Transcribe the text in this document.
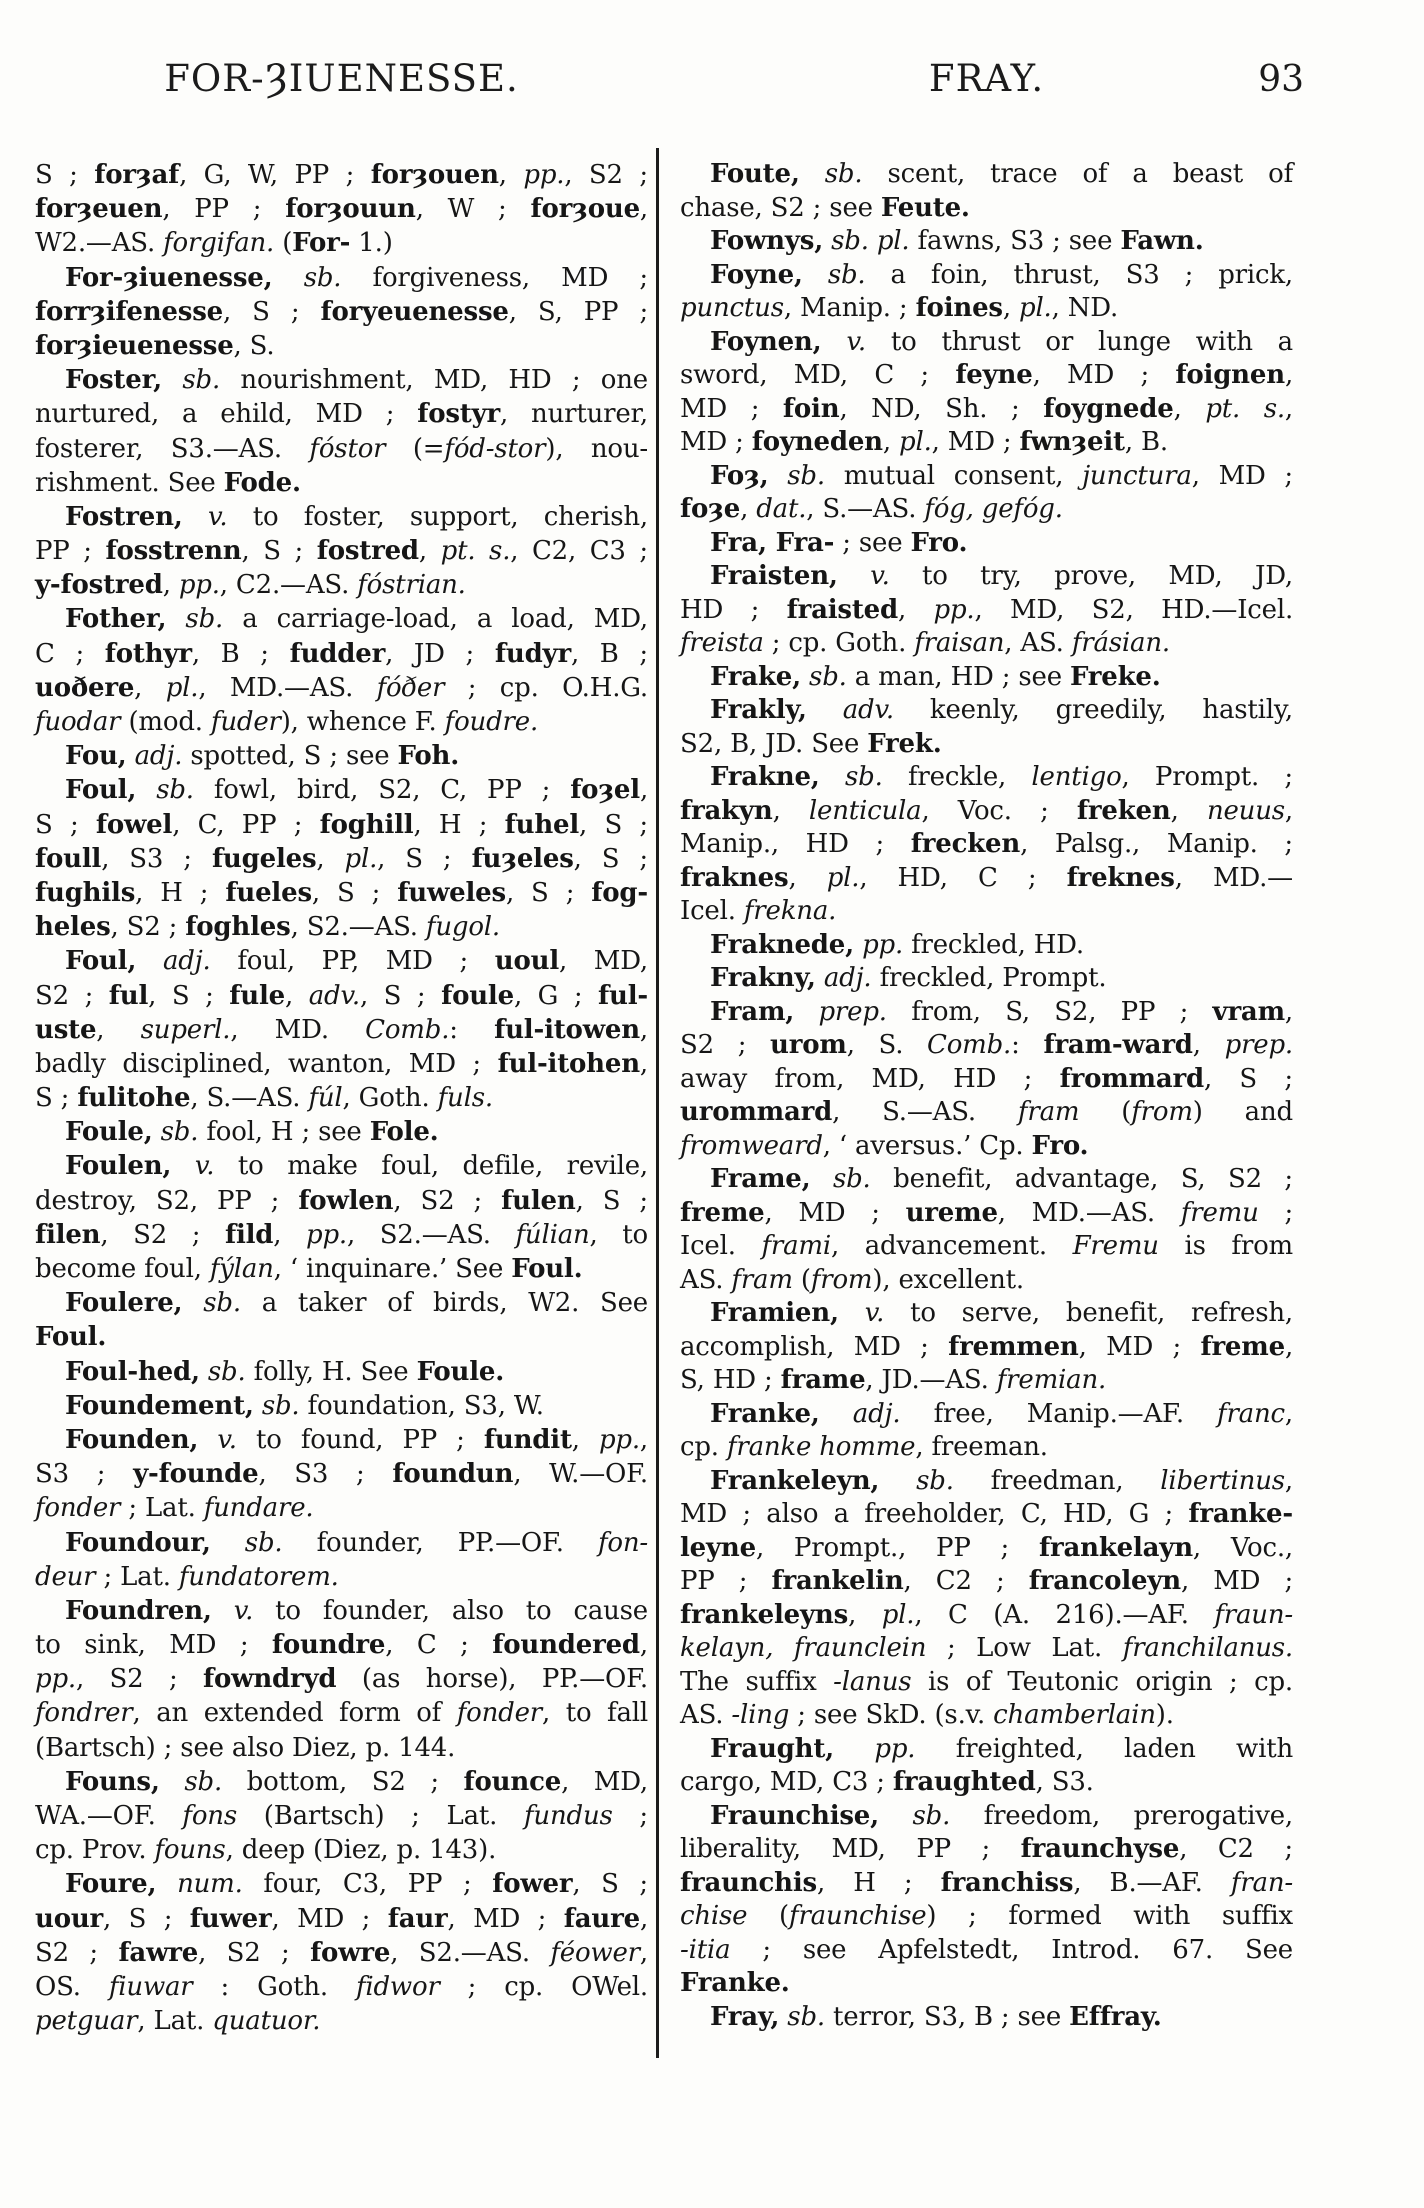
FOR-ȜIUENESSE.	FRAY.	93
S ; forȝaf, G, W, PP ; forȝouen, pp., S2 ;
forȝeuen, PP ; forȝouun, W ; forȝoue,
W2.—AS. forgifan. (For- 1.)
For-ȝiuenesse, sb. forgiveness, MD ;
forrȝifenesse, S ; foryeuenesse, S, PP ;
forȝieuenesse, S.
Foster, sb. nourishment, MD, HD ; one
nurtured, a ehild, MD ; fostyr, nurturer,
fosterer, S3.—AS. fóstor (=fód-stor), nou-
rishment. See Fode.
Fostren, v. to foster, support, cherish,
PP ; fosstrenn, S ; fostred, pt. s., C2, C3 ;
y-fostred, pp., C2.—AS. fóstrian.
Fother, sb. a carriage-load, a load, MD,
C ; fothyr, B ; fudder, JD ; fudyr, B ;
uoðere, pl., MD.—AS. fóðer ; cp. O.H.G.
fuodar (mod. fuder), whence F. foudre.
Fou, adj. spotted, S ; see Foh.
Foul, sb. fowl, bird, S2, C, PP ; foȝel,
S ; fowel, C, PP ; foghill, H ; fuhel, S ;
foull, S3 ; fugeles, pl., S ; fuȝeles, S ;
fughils, H ; fueles, S ; fuweles, S ; fog-
heles, S2 ; foghles, S2.—AS. fugol.
Foul, adj. foul, PP, MD ; uoul, MD,
S2 ; ful, S ; fule, adv., S ; foule, G ; ful-
uste, superl., MD. Comb.: ful-itowen,
badly disciplined, wanton, MD ; ful-itohen,
S ; fulitohe, S.—AS. fúl, Goth. fuls.
Foule, sb. fool, H ; see Fole.
Foulen, v. to make foul, defile, revile,
destroy, S2, PP ; fowlen, S2 ; fulen, S ;
filen, S2 ; fild, pp., S2.—AS. fúlian, to
become foul, fýlan, ‘ inquinare.’ See Foul.
Foulere, sb. a taker of birds, W2. See
Foul.
Foul-hed, sb. folly, H. See Foule.
Foundement, sb. foundation, S3, W.
Founden, v. to found, PP ; fundit, pp.,
S3 ; y-founde, S3 ; foundun, W.—OF.
fonder ; Lat. fundare.
Foundour, sb. founder, PP.—OF. fon-
deur ; Lat. fundatorem.
Foundren, v. to founder, also to cause
to sink, MD ; foundre, C ; foundered,
pp., S2 ; fowndryd (as horse), PP.—OF.
fondrer, an extended form of fonder, to fall
(Bartsch) ; see also Diez, p. 144.
Founs, sb. bottom, S2 ; founce, MD,
WA.—OF. fons (Bartsch) ; Lat. fundus ;
cp. Prov. founs, deep (Diez, p. 143).
Foure, num. four, C3, PP ; fower, S ;
uour, S ; fuwer, MD ; faur, MD ; faure,
S2 ; fawre, S2 ; fowre, S2.—AS. féower,
OS. fiuwar : Goth. fidwor ; cp. OWel.
petguar, Lat. quatuor.
Foute, sb. scent, trace of a beast of
chase, S2 ; see Feute.
Fownys, sb. pl. fawns, S3 ; see Fawn.
Foyne, sb. a foin, thrust, S3 ; prick,
punctus, Manip. ; foines, pl., ND.
Foynen, v. to thrust or lunge with a
sword, MD, C ; feyne, MD ; foignen,
MD ; foin, ND, Sh. ; foygnede, pt. s.,
MD ; foyneden, pl., MD ; fwnȝeit, B.
Foȝ, sb. mutual consent, junctura, MD ;
foȝe, dat., S.—AS. fóg, gefóg.
Fra, Fra- ; see Fro.
Fraisten, v. to try, prove, MD, JD,
HD ; fraisted, pp., MD, S2, HD.—Icel.
freista ; cp. Goth. fraisan, AS. frásian.
Frake, sb. a man, HD ; see Freke.
Frakly, adv. keenly, greedily, hastily,
S2, B, JD. See Frek.
Frakne, sb. freckle, lentigo, Prompt. ;
frakyn, lenticula, Voc. ; freken, neuus,
Manip., HD ; frecken, Palsg., Manip. ;
fraknes, pl., HD, C ; freknes, MD.—
Icel. frekna.
Fraknede, pp. freckled, HD.
Frakny, adj. freckled, Prompt.
Fram, prep. from, S, S2, PP ; vram,
S2 ; urom, S. Comb.: fram-ward, prep.
away from, MD, HD ; frommard, S ;
urommard, S.—AS. fram (from) and
fromweard, ‘ aversus.’ Cp. Fro.
Frame, sb. benefit, advantage, S, S2 ;
freme, MD ; ureme, MD.—AS. fremu ;
Icel. frami, advancement. Fremu is from
AS. fram (from), excellent.
Framien, v. to serve, benefit, refresh,
accomplish, MD ; fremmen, MD ; freme,
S, HD ; frame, JD.—AS. fremian.
Franke, adj. free, Manip.—AF. franc,
cp. franke homme, freeman.
Frankeleyn, sb. freedman, libertinus,
MD ; also a freeholder, C, HD, G ; franke-
leyne, Prompt., PP ; frankelayn, Voc.,
PP ; frankelin, C2 ; francoleyn, MD ;
frankeleyns, pl., C (A. 216).—AF. fraun-
kelayn, fraunclein ; Low Lat. franchilanus.
The suffix -lanus is of Teutonic origin ; cp.
AS. -ling ; see SkD. (s.v. chamberlain).
Fraught, pp. freighted, laden with
cargo, MD, C3 ; fraughted, S3.
Fraunchise, sb. freedom, prerogative,
liberality, MD, PP ; fraunchyse, C2 ;
fraunchis, H ; franchiss, B.—AF. fran-
chise (fraunchise) ; formed with suffix
-itia ; see Apfelstedt, Introd. 67. See
Franke.
Fray, sb. terror, S3, B ; see Effray.
